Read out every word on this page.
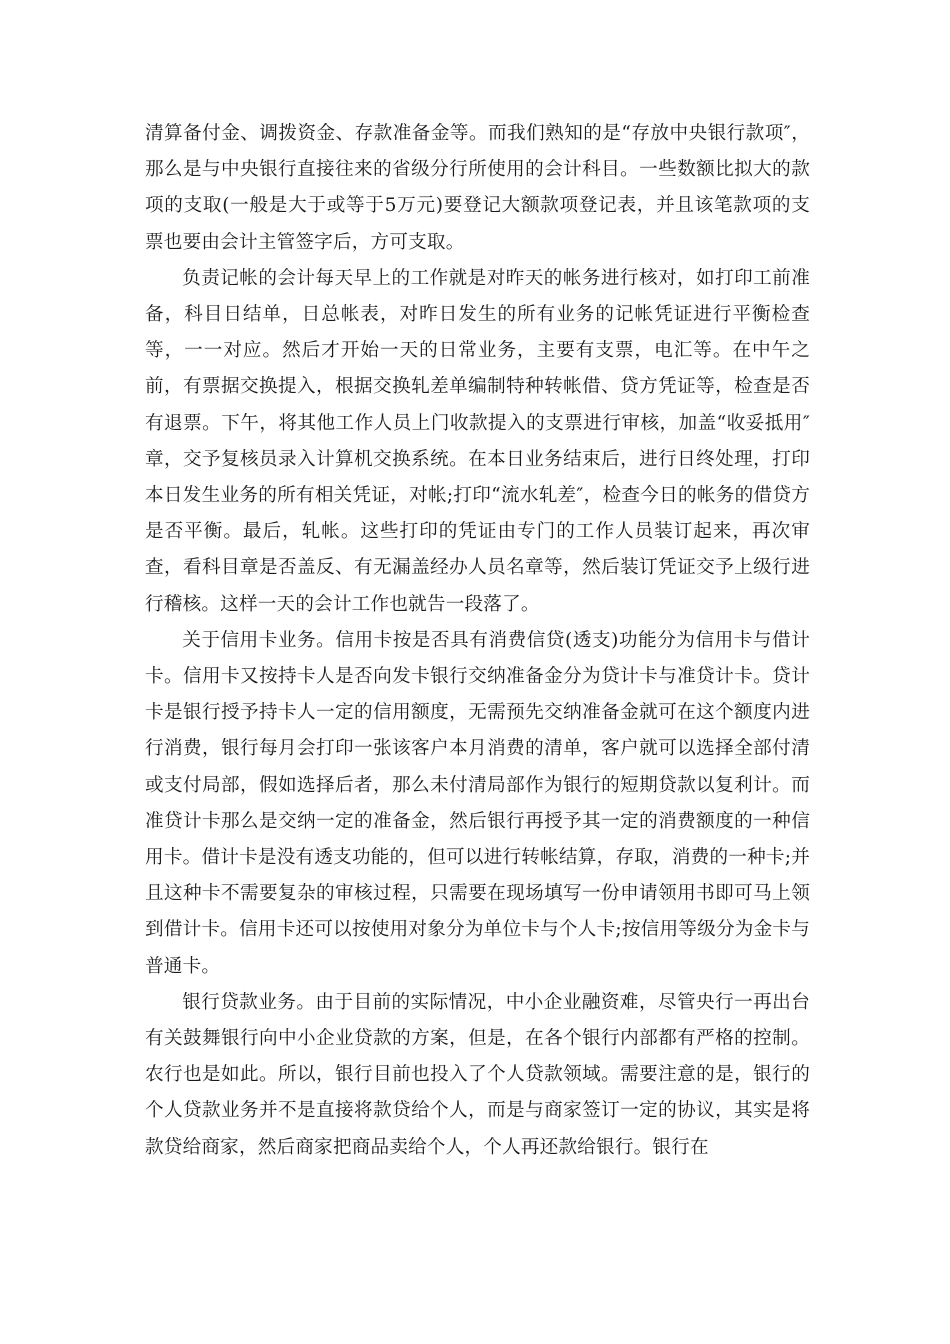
清算备付金、调拨资金、存款准备金等。而我们熟知的是“存放中央银行款项″，那么是与中央银行直接往来的省级分行所使用的会计科目。一些数额比拟大的款项的支取(一般是大于或等于5万元)要登记大额款项登记表，并且该笔款项的支票也要由会计主管签字后，方可支取。

负责记帐的会计每天早上的工作就是对昨天的帐务进行核对，如打印工前准备，科目日结单，日总帐表，对昨日发生的所有业务的记帐凭证进行平衡检查等，一一对应。然后才开始一天的日常业务，主要有支票，电汇等。在中午之前，有票据交换提入，根据交换轧差单编制特种转帐借、贷方凭证等，检查是否有退票。下午，将其他工作人员上门收款提入的支票进行审核，加盖“收妥抵用″章，交予复核员录入计算机交换系统。在本日业务结束后，进行日终处理，打印本日发生业务的所有相关凭证，对帐;打印“流水轧差″，检查今日的帐务的借贷方是否平衡。最后，轧帐。这些打印的凭证由专门的工作人员装订起来，再次审查，看科目章是否盖反、有无漏盖经办人员名章等，然后装订凭证交予上级行进行稽核。这样一天的会计工作也就告一段落了。

关于信用卡业务。信用卡按是否具有消费信贷(透支)功能分为信用卡与借计卡。信用卡又按持卡人是否向发卡银行交纳准备金分为贷计卡与准贷计卡。贷计卡是银行授予持卡人一定的信用额度，无需预先交纳准备金就可在这个额度内进行消费，银行每月会打印一张该客户本月消费的清单，客户就可以选择全部付清或支付局部，假如选择后者，那么未付清局部作为银行的短期贷款以复利计。而准贷计卡那么是交纳一定的准备金，然后银行再授予其一定的消费额度的一种信用卡。借计卡是没有透支功能的，但可以进行转帐结算，存取，消费的一种卡;并且这种卡不需要复杂的审核过程，只需要在现场填写一份申请领用书即可马上领到借计卡。信用卡还可以按使用对象分为单位卡与个人卡;按信用等级分为金卡与普通卡。

银行贷款业务。由于目前的实际情况，中小企业融资难，尽管央行一再出台有关鼓舞银行向中小企业贷款的方案，但是，在各个银行内部都有严格的控制。农行也是如此。所以，银行目前也投入了个人贷款领域。需要注意的是，银行的个人贷款业务并不是直接将款贷给个人，而是与商家签订一定的协议，其实是将款贷给商家，然后商家把商品卖给个人，个人再还款给银行。银行在
